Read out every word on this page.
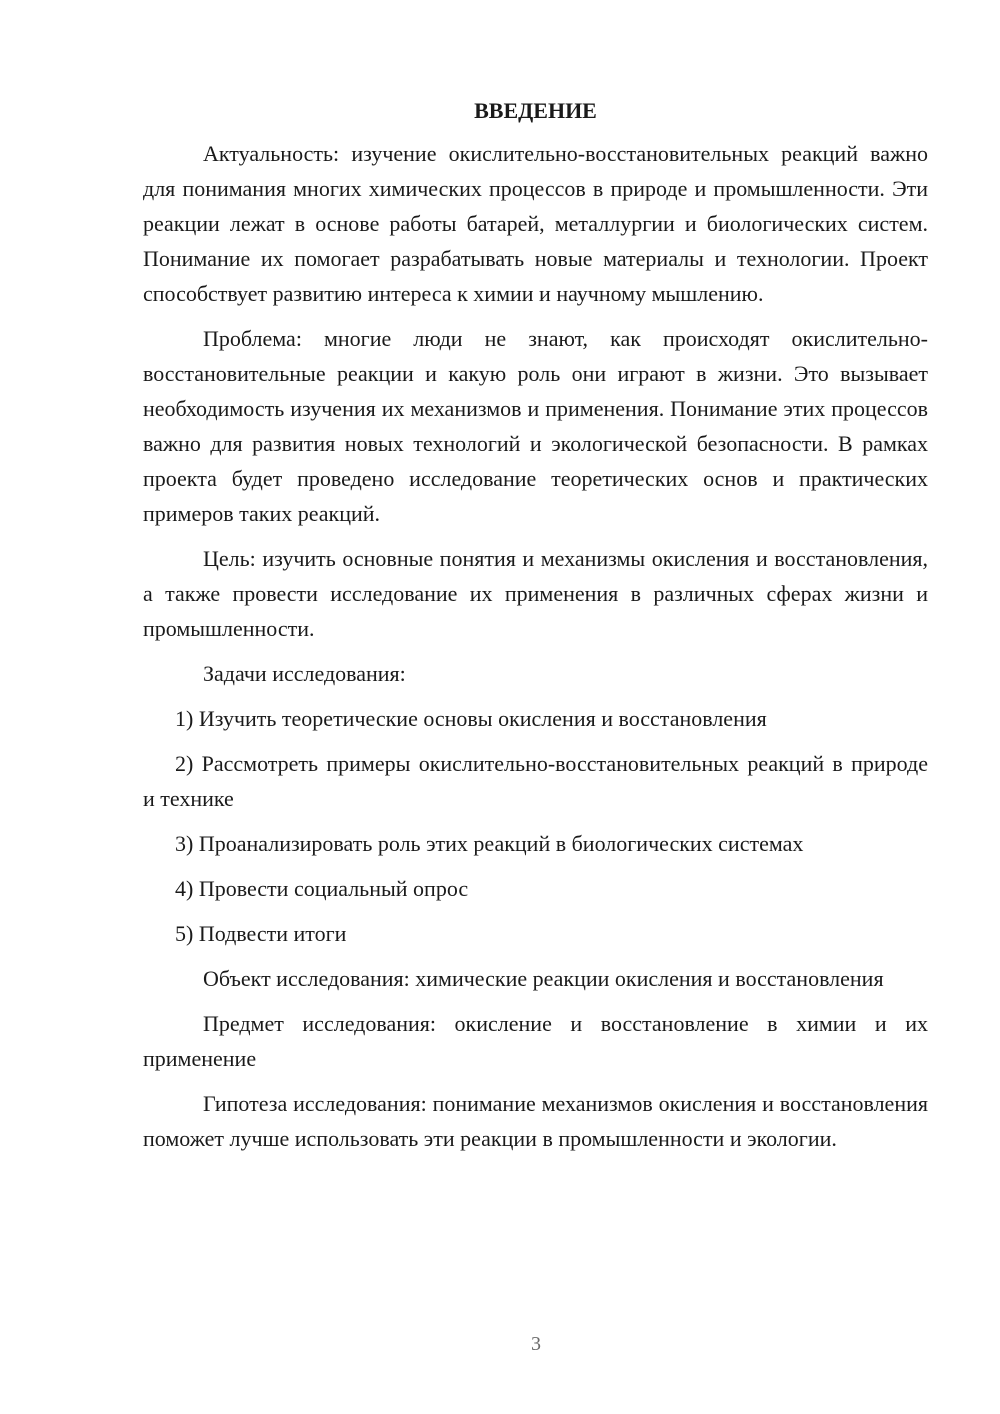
ВВЕДЕНИЕ

Актуальность: изучение окислительно-восстановительных реакций важно для понимания многих химических процессов в природе и промышленности. Эти реакции лежат в основе работы батарей, металлургии и биологических систем. Понимание их помогает разрабатывать новые материалы и технологии. Проект способствует развитию интереса к химии и научному мышлению.

Проблема: многие люди не знают, как происходят окислительно-восстановительные реакции и какую роль они играют в жизни. Это вызывает необходимость изучения их механизмов и применения. Понимание этих процессов важно для развития новых технологий и экологической безопасности. В рамках проекта будет проведено исследование теоретических основ и практических примеров таких реакций.

Цель: изучить основные понятия и механизмы окисления и восстановления, а также провести исследование их применения в различных сферах жизни и промышленности.

Задачи исследования:

1) Изучить теоретические основы окисления и восстановления

2) Рассмотреть примеры окислительно-восстановительных реакций в природе и технике

3) Проанализировать роль этих реакций в биологических системах

4) Провести социальный опрос

5) Подвести итоги

Объект исследования: химические реакции окисления и восстановления

Предмет исследования: окисление и восстановление в химии и их применение

Гипотеза исследования: понимание механизмов окисления и восстановления поможет лучше использовать эти реакции в промышленности и экологии.

3
